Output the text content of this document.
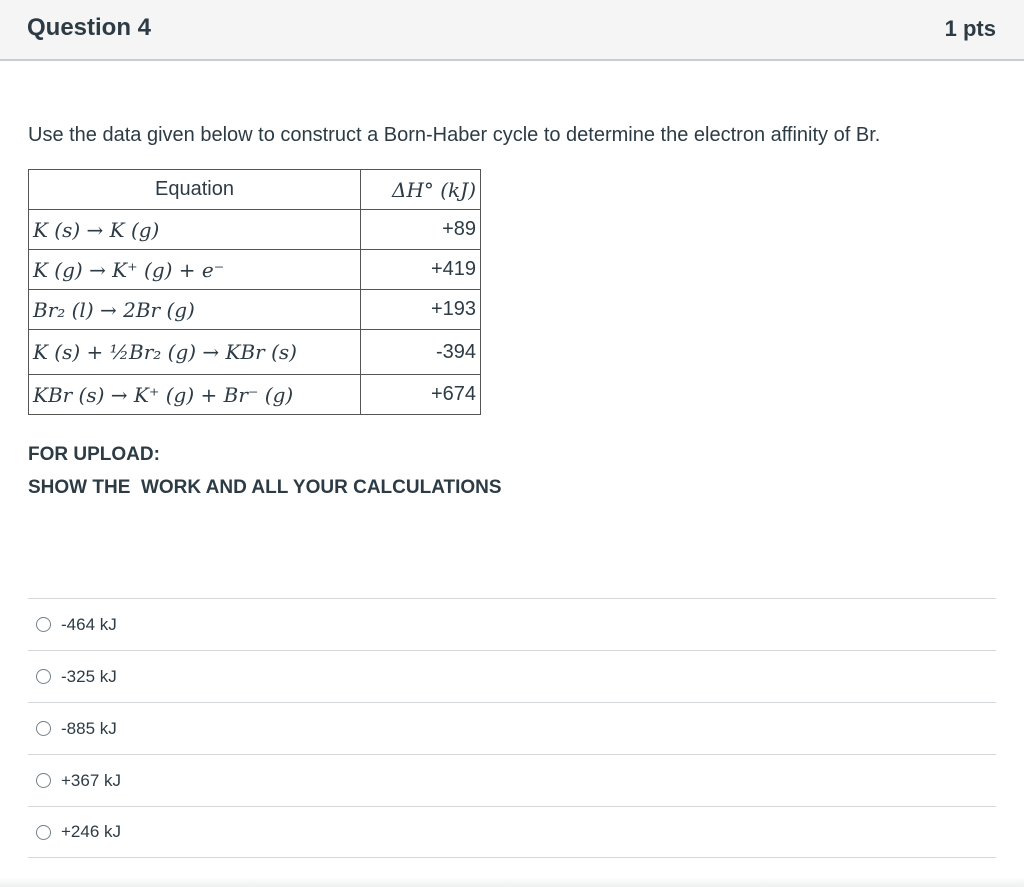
Question 4	1 pts
Use the data given below to construct a Born-Haber cycle to determine the electron affinity of Br.
Equation	ΔH° (kJ)
K (s) → K (g)	+89
K (g) → K⁺ (g) + e⁻	+419
Br₂ (l) → 2Br (g)	+193
K (s) + ½Br₂ (g) → KBr (s)	-394
KBr (s) → K⁺ (g) + Br⁻ (g)	+674
FOR UPLOAD:
SHOW THE  WORK AND ALL YOUR CALCULATIONS
-464 kJ
-325 kJ
-885 kJ
+367 kJ
+246 kJ
